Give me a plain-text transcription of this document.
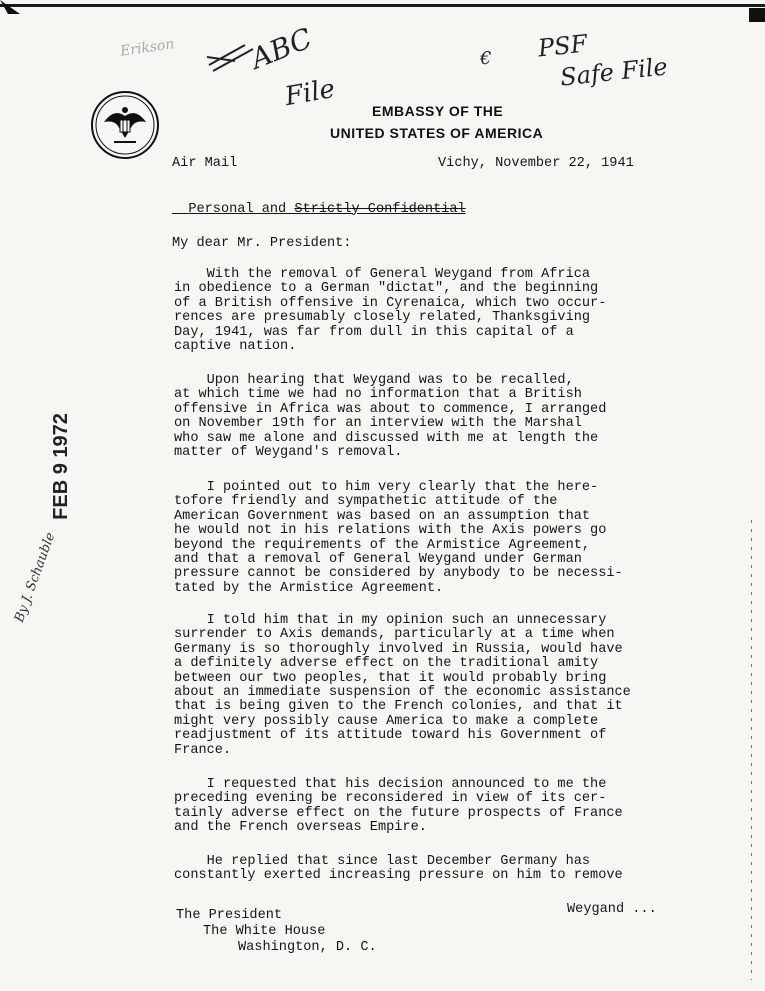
Erikson	ABC
File
PSF
Safe File
€
EMBASSY OF THE
UNITED STATES OF AMERICA
Air Mail	Vichy, November 22, 1941

Personal and Strictly Confidential

My dear Mr. President:
With the removal of General Weygand from Africa
in obedience to a German "dictat", and the beginning
of a British offensive in Cyrenaica, which two occur-
rences are presumably closely related, Thanksgiving
Day, 1941, was far from dull in this capital of a
captive nation.
Upon hearing that Weygand was to be recalled,
at which time we had no information that a British
offensive in Africa was about to commence, I arranged
on November 19th for an interview with the Marshal
who saw me alone and discussed with me at length the
matter of Weygand's removal.
I pointed out to him very clearly that the here-
tofore friendly and sympathetic attitude of the
American Government was based on an assumption that
he would not in his relations with the Axis powers go
beyond the requirements of the Armistice Agreement,
and that a removal of General Weygand under German
pressure cannot be considered by anybody to be necessi-
tated by the Armistice Agreement.
I told him that in my opinion such an unnecessary
surrender to Axis demands, particularly at a time when
Germany is so thoroughly involved in Russia, would have
a definitely adverse effect on the traditional amity
between our two peoples, that it would probably bring
about an immediate suspension of the economic assistance
that is being given to the French colonies, and that it
might very possibly cause America to make a complete
readjustment of its attitude toward his Government of
France.
I requested that his decision announced to me the
preceding evening be reconsidered in view of its cer-
tainly adverse effect on the future prospects of France
and the French overseas Empire.
He replied that since last December Germany has
constantly exerted increasing pressure on him to remove
Weygand ...
The President
The White House
Washington, D. C.
FEB 9 1972
By J. Schauble
